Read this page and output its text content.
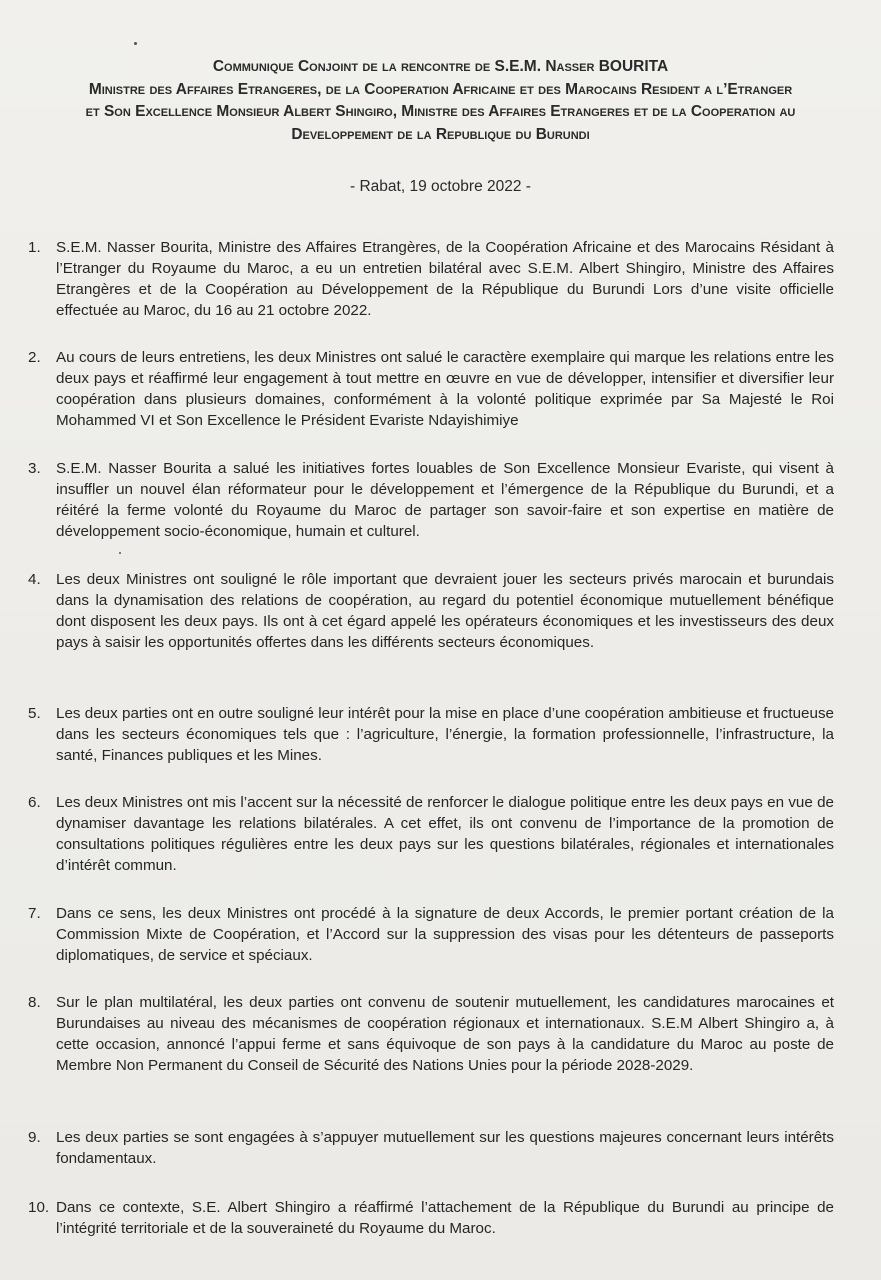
Communique Conjoint de la rencontre de S.E.M. Nasser BOURITA
Ministre des Affaires Etrangeres, de la Cooperation Africaine et des Marocains Resident a l’Etranger
et Son Excellence Monsieur Albert Shingiro, Ministre des Affaires Etrangeres et de la Cooperation au
Developpement de la Republique du Burundi
- Rabat, 19 octobre 2022 -
1.	S.E.M. Nasser Bourita, Ministre des Affaires Etrangères, de la Coopération Africaine et des Marocains Résidant à l’Etranger du Royaume du Maroc, a eu un entretien bilatéral avec S.E.M. Albert Shingiro, Ministre des Affaires Etrangères et de la Coopération au Développement de la République du Burundi Lors d’une visite officielle effectuée au Maroc, du 16 au 21 octobre 2022.
2.	Au cours de leurs entretiens, les deux Ministres ont salué le caractère exemplaire qui marque les relations entre les deux pays et réaffirmé leur engagement à tout mettre en œuvre en vue de développer, intensifier et diversifier leur coopération dans plusieurs domaines, conformément à la volonté politique exprimée par Sa Majesté le Roi Mohammed VI et Son Excellence le Président Evariste Ndayishimiye
3.	S.E.M. Nasser Bourita a salué les initiatives fortes louables de Son Excellence Monsieur Evariste, qui visent à insuffler un nouvel élan réformateur pour le développement et l’émergence de la République du Burundi, et a réitéré la ferme volonté du Royaume du Maroc de partager son savoir-faire et son expertise en matière de développement socio-économique, humain et culturel.
4.	Les deux Ministres ont souligné le rôle important que devraient jouer les secteurs privés marocain et burundais dans la dynamisation des relations de coopération, au regard du potentiel économique mutuellement bénéfique dont disposent les deux pays. Ils ont à cet égard appelé les opérateurs économiques et les investisseurs des deux pays à saisir les opportunités offertes dans les différents secteurs économiques.
5.	Les deux parties ont en outre souligné leur intérêt pour la mise en place d’une coopération ambitieuse et fructueuse dans les secteurs économiques tels que : l’agriculture, l’énergie, la formation professionnelle, l’infrastructure, la santé, Finances publiques et les Mines.
6.	Les deux Ministres ont mis l’accent sur la nécessité de renforcer le dialogue politique entre les deux pays en vue de dynamiser davantage les relations bilatérales. A cet effet, ils ont convenu de l’importance de la promotion de consultations politiques régulières entre les deux pays sur les questions bilatérales, régionales et internationales d’intérêt commun.
7.	Dans ce sens, les deux Ministres ont procédé à la signature de deux Accords, le premier portant création de la Commission Mixte de Coopération, et l’Accord sur la suppression des visas pour les détenteurs de passeports diplomatiques, de service et spéciaux.
8.	Sur le plan multilatéral, les deux parties ont convenu de soutenir mutuellement, les candidatures marocaines et Burundaises au niveau des mécanismes de coopération régionaux et internationaux. S.E.M Albert Shingiro a, à cette occasion, annoncé l’appui ferme et sans équivoque de son pays à la candidature du Maroc au poste de Membre Non Permanent du Conseil de Sécurité des Nations Unies pour la période 2028-2029.
9.	Les deux parties se sont engagées à s’appuyer mutuellement sur les questions majeures concernant leurs intérêts fondamentaux.
10. Dans ce contexte, S.E. Albert Shingiro a réaffirmé l’attachement de la République du Burundi au principe de l’intégrité territoriale et de la souveraineté du Royaume du Maroc.
